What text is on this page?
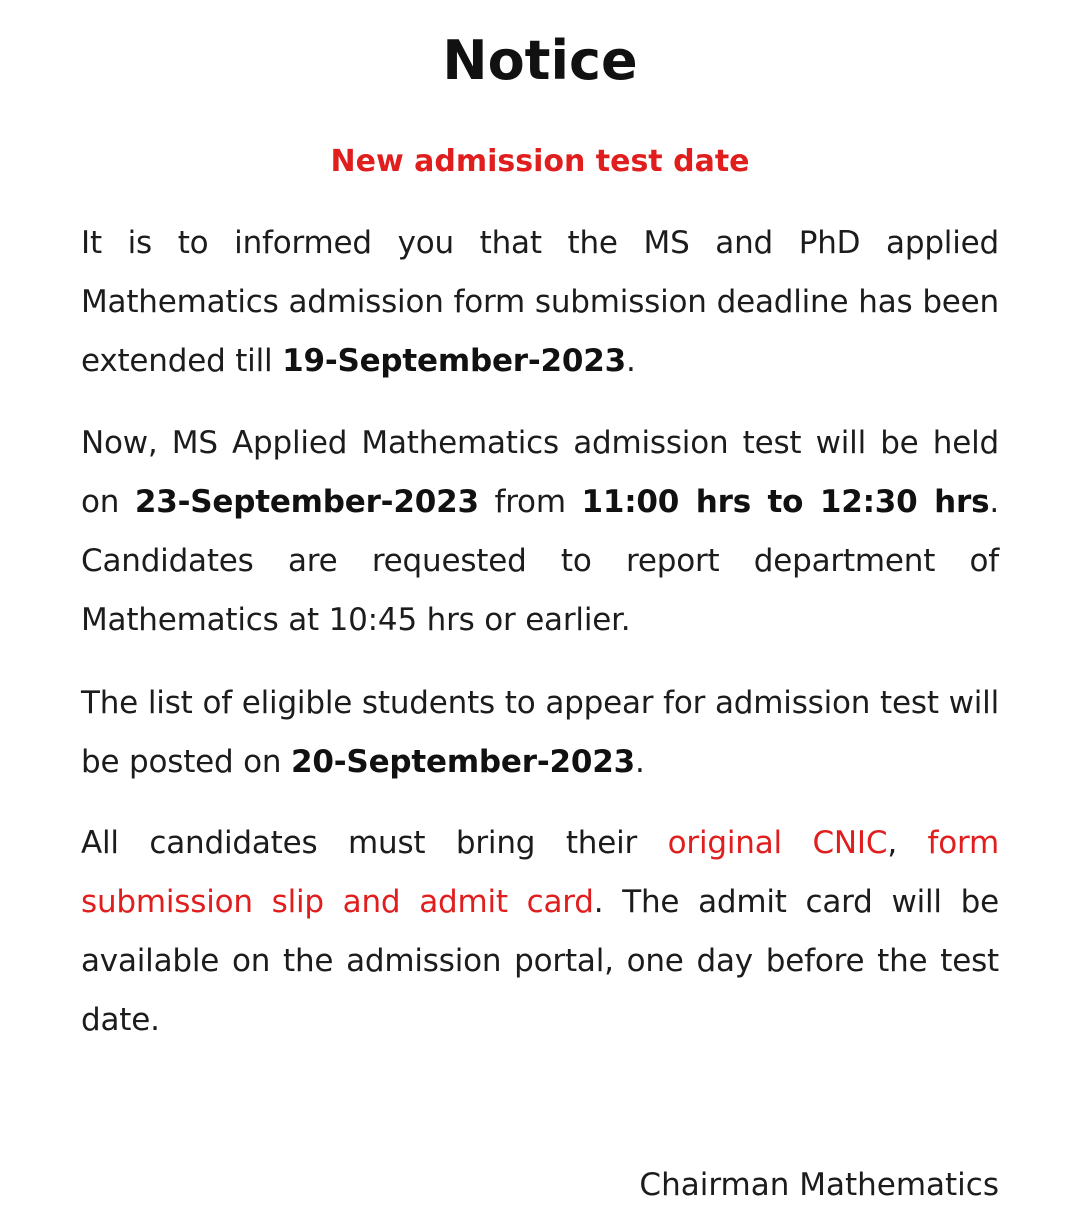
Notice
New admission test date
It is to informed you that the MS and PhD applied Mathematics admission form submission deadline has been extended till 19-September-2023.
Now, MS Applied Mathematics admission test will be held on 23-September-2023 from 11:00 hrs to 12:30 hrs. Candidates are requested to report department of Mathematics at 10:45 hrs or earlier.
The list of eligible students to appear for admission test will be posted on 20-September-2023.
All candidates must bring their original CNIC, form submission slip and admit card. The admit card will be available on the admission portal, one day before the test date.
Chairman Mathematics
